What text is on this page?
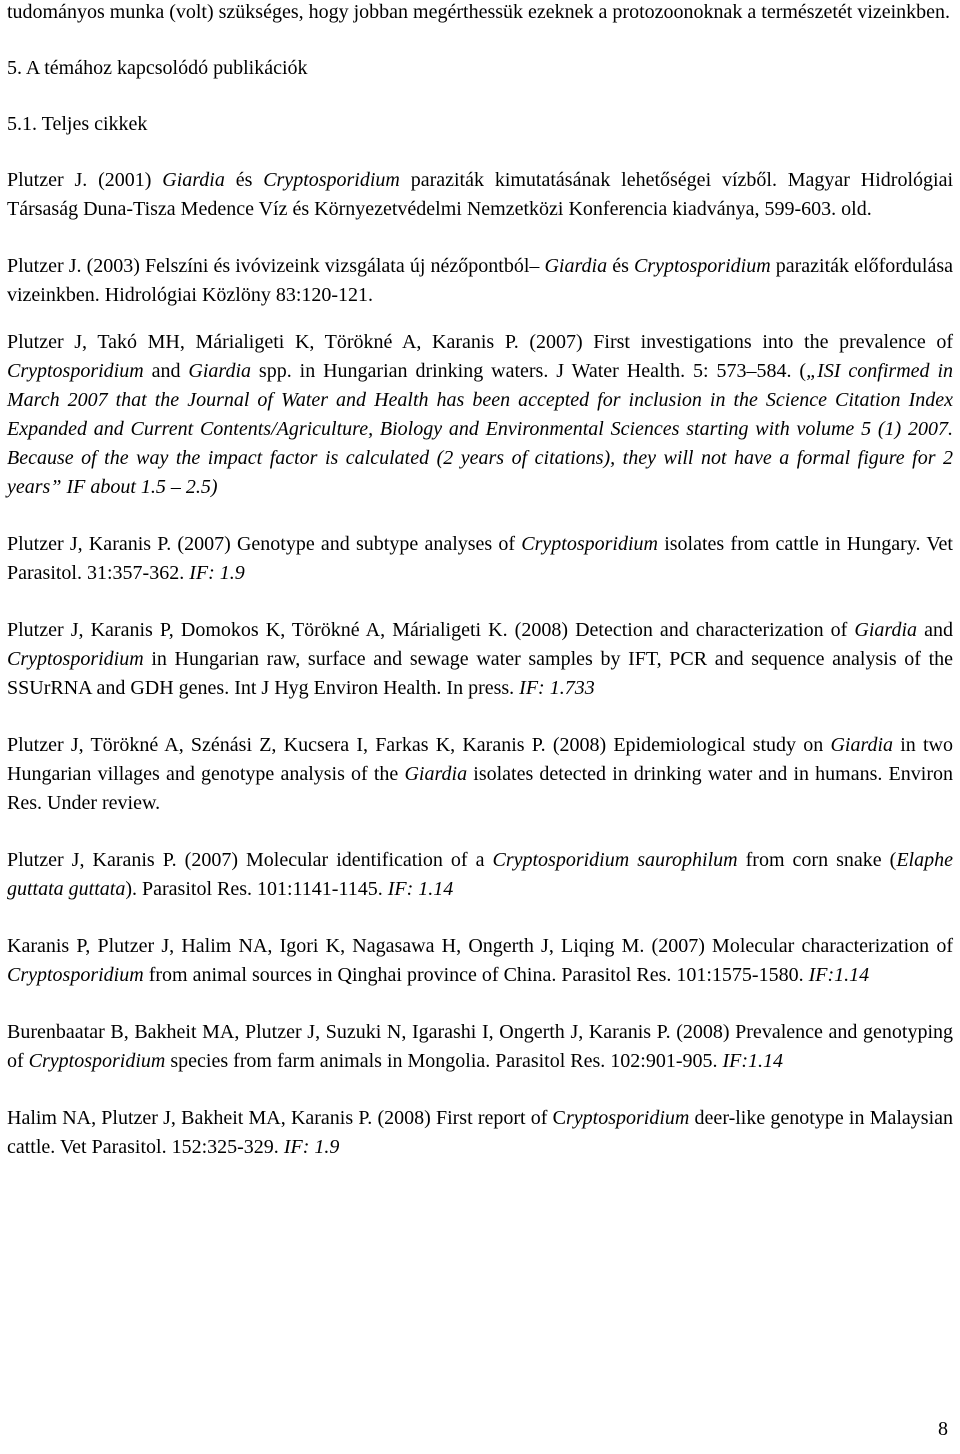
tudományos munka (volt) szükséges, hogy jobban megérthessük ezeknek a protozoonoknak a természetét vizeinkben.

5. A témához kapcsolódó publikációk

5.1. Teljes cikkek

Plutzer J. (2001) Giardia és Cryptosporidium paraziták kimutatásának lehetőségei vízből. Magyar Hidrológiai Társaság Duna-Tisza Medence Víz és Környezetvédelmi Nemzetközi Konferencia kiadványa, 599-603. old.

Plutzer J. (2003) Felszíni és ivóvizeink vizsgálata új nézőpontból– Giardia és Cryptosporidium paraziták előfordulása vizeinkben. Hidrológiai Közlöny 83:120-121.

Plutzer J, Takó MH, Márialigeti K, Törökné A, Karanis P. (2007) First investigations into the prevalence of Cryptosporidium and Giardia spp. in Hungarian drinking waters. J Water Health. 5: 573–584. („ISI confirmed in March 2007 that the Journal of Water and Health has been accepted for inclusion in the Science Citation Index Expanded and Current Contents/Agriculture, Biology and Environmental Sciences starting with volume 5 (1) 2007. Because of the way the impact factor is calculated (2 years of citations), they will not have a formal figure for 2 years” IF about 1.5 – 2.5)

Plutzer J, Karanis P. (2007) Genotype and subtype analyses of Cryptosporidium isolates from cattle in Hungary. Vet Parasitol. 31:357-362. IF: 1.9

Plutzer J, Karanis P, Domokos K, Törökné A, Márialigeti K. (2008) Detection and characterization of Giardia and Cryptosporidium in Hungarian raw, surface and sewage water samples by IFT, PCR and sequence analysis of the SSUrRNA and GDH genes. Int J Hyg Environ Health. In press. IF: 1.733

Plutzer J, Törökné A, Szénási Z, Kucsera I, Farkas K, Karanis P. (2008) Epidemiological study on Giardia in two Hungarian villages and genotype analysis of the Giardia isolates detected in drinking water and in humans. Environ Res. Under review.

Plutzer J, Karanis P. (2007) Molecular identification of a Cryptosporidium saurophilum from corn snake (Elaphe guttata guttata). Parasitol Res. 101:1141-1145. IF: 1.14

Karanis P, Plutzer J, Halim NA, Igori K, Nagasawa H, Ongerth J, Liqing M. (2007) Molecular characterization of Cryptosporidium from animal sources in Qinghai province of China. Parasitol Res. 101:1575-1580. IF:1.14

Burenbaatar B, Bakheit MA, Plutzer J, Suzuki N, Igarashi I, Ongerth J, Karanis P. (2008) Prevalence and genotyping of Cryptosporidium species from farm animals in Mongolia. Parasitol Res. 102:901-905. IF:1.14

Halim NA, Plutzer J, Bakheit MA, Karanis P. (2008) First report of Cryptosporidium deer-like genotype in Malaysian cattle. Vet Parasitol. 152:325-329. IF: 1.9

8
